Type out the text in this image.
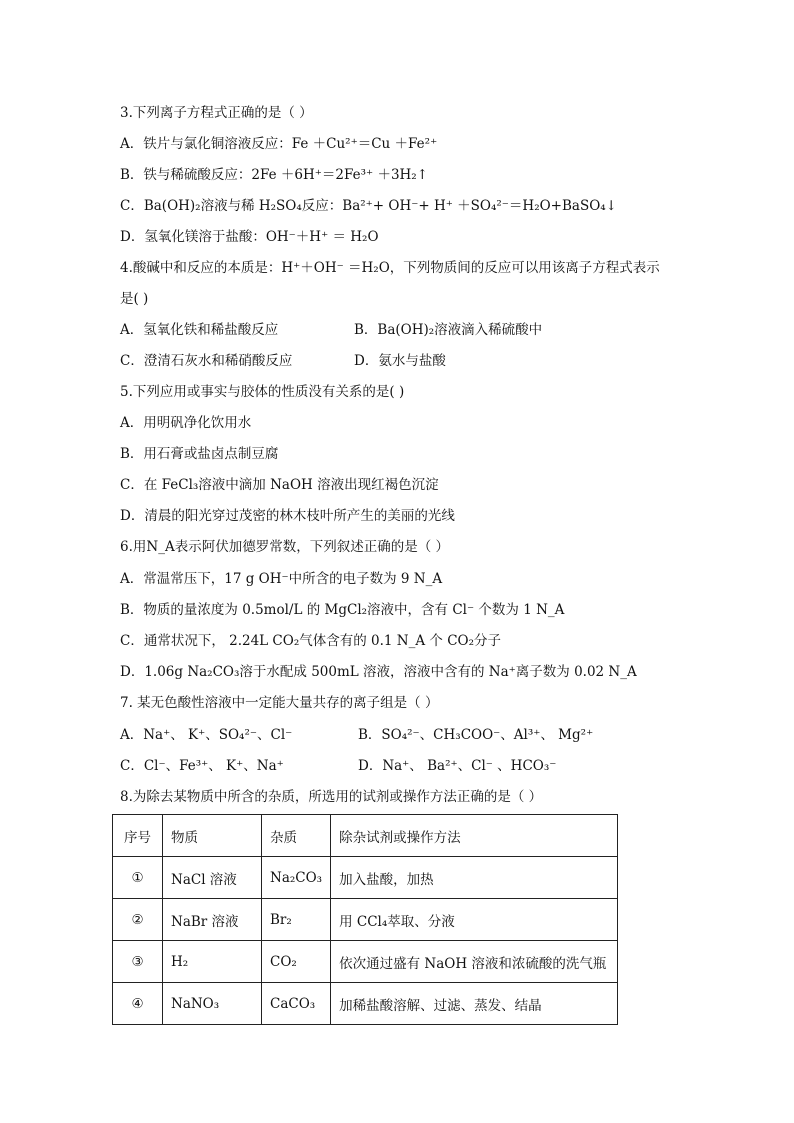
3.下列离子方程式正确的是（ ）
A．铁片与氯化铜溶液反应：Fe ＋Cu²⁺＝Cu ＋Fe²⁺
B．铁与稀硫酸反应：2Fe ＋6H⁺＝2Fe³⁺ ＋3H₂↑
C．Ba(OH)₂溶液与稀 H₂SO₄反应：Ba²⁺+ OH⁻+ H⁺ ＋SO₄²⁻＝H₂O+BaSO₄↓
D．氢氧化镁溶于盐酸：OH⁻＋H⁺ ＝ H₂O
4.酸碱中和反应的本质是：H⁺＋OH⁻ ＝H₂O，下列物质间的反应可以用该离子方程式表示
是( )
A．氢氧化铁和稀盐酸反应	B．Ba(OH)₂溶液滴入稀硫酸中
C．澄清石灰水和稀硝酸反应	D．氨水与盐酸
5.下列应用或事实与胶体的性质没有关系的是( )
A．用明矾净化饮用水
B．用石膏或盐卤点制豆腐
C．在 FeCl₃溶液中滴加 NaOH 溶液出现红褐色沉淀
D．清晨的阳光穿过茂密的林木枝叶所产生的美丽的光线
6.用N_A表示阿伏加德罗常数，下列叙述正确的是（ ）
A．常温常压下，17 g OH⁻中所含的电子数为 9 N_A
B．物质的量浓度为 0.5mol/L 的 MgCl₂溶液中，含有 Cl⁻ 个数为 1 N_A
C．通常状况下， 2.24L CO₂气体含有的 0.1 N_A 个 CO₂分子
D．1.06g Na₂CO₃溶于水配成 500mL 溶液，溶液中含有的 Na⁺离子数为 0.02 N_A
7. 某无色酸性溶液中一定能大量共存的离子组是（ ）
A．Na⁺、 K⁺、SO₄²⁻、Cl⁻	B．SO₄²⁻、CH₃COO⁻、Al³⁺、 Mg²⁺
C．Cl⁻、Fe³⁺、 K⁺、Na⁺	D．Na⁺、 Ba²⁺、Cl⁻ 、HCO₃⁻
8.为除去某物质中所含的杂质，所选用的试剂或操作方法正确的是（ ）
序号	物质	杂质	除杂试剂或操作方法
①	NaCl 溶液	Na₂CO₃	加入盐酸，加热
②	NaBr 溶液	Br₂	用 CCl₄萃取、分液
③	H₂	CO₂	依次通过盛有 NaOH 溶液和浓硫酸的洗气瓶
④	NaNO₃	CaCO₃	加稀盐酸溶解、过滤、蒸发、结晶
